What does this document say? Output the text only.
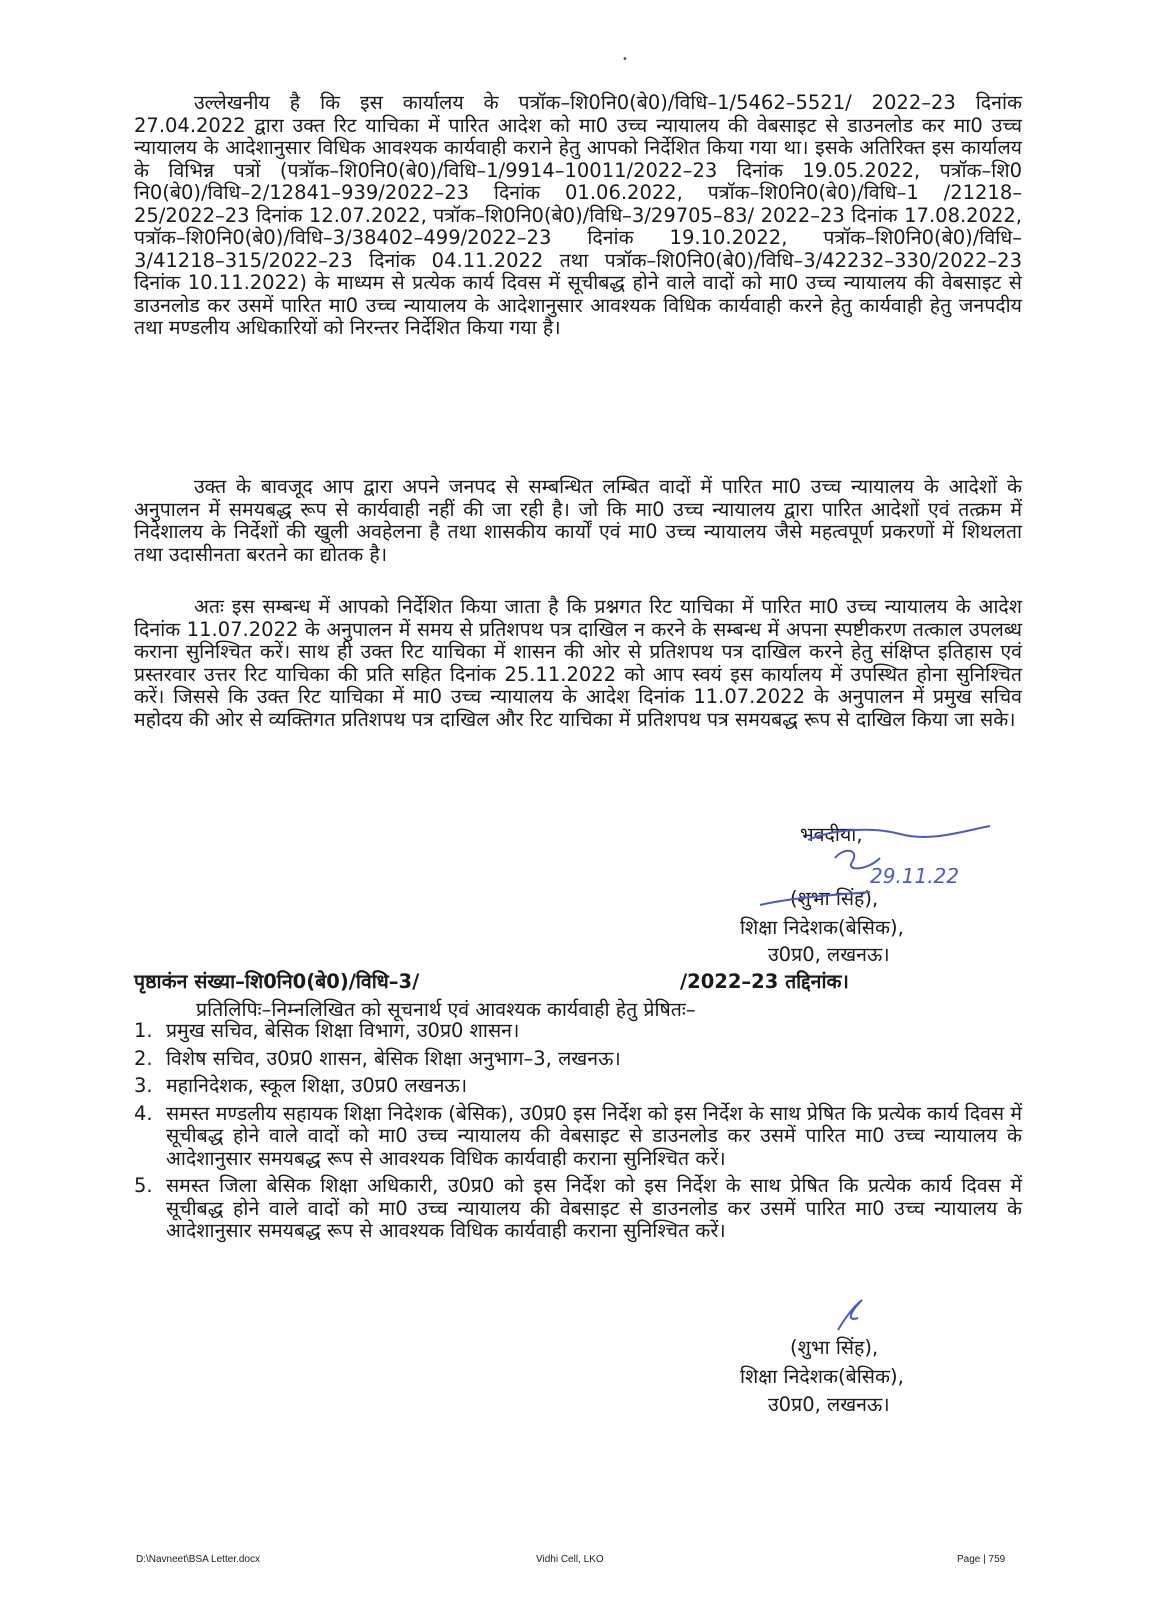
•

उल्लेखनीय है कि इस कार्यालय के पत्रॉक–शि0नि0(बे0)/विधि–1/5462–5521/ 2022–23 दिनांक 27.04.2022 द्वारा उक्त रिट याचिका में पारित आदेश को मा0 उच्च न्यायालय की वेबसाइट से डाउनलोड कर मा0 उच्च न्यायालय के आदेशानुसार विधिक आवश्यक कार्यवाही कराने हेतु आपको निर्देशित किया गया था। इसके अतिरिक्त इस कार्यालय के विभिन्न पत्रों (पत्रॉक–शि0नि0(बे0)/विधि–1/9914–10011/2022–23 दिनांक 19.05.2022, पत्रॉक–शि0 नि0(बे0)/विधि–2/12841–939/2022–23 दिनांक 01.06.2022, पत्रॉक–शि0नि0(बे0)/विधि–1 /21218–25/2022–23 दिनांक 12.07.2022, पत्रॉक–शि0नि0(बे0)/विधि–3/29705–83/ 2022–23 दिनांक 17.08.2022, पत्रॉक–शि0नि0(बे0)/विधि–3/38402–499/2022–23 दिनांक 19.10.2022, पत्रॉक–शि0नि0(बे0)/विधि–3/41218–315/2022–23 दिनांक 04.11.2022 तथा पत्रॉक–शि0नि0(बे0)/विधि–3/42232–330/2022–23 दिनांक 10.11.2022) के माध्यम से प्रत्येक कार्य दिवस में सूचीबद्ध होने वाले वादों को मा0 उच्च न्यायालय की वेबसाइट से डाउनलोड कर उसमें पारित मा0 उच्च न्यायालय के आदेशानुसार आवश्यक विधिक कार्यवाही करने हेतु कार्यवाही हेतु जनपदीय तथा मण्डलीय अधिकारियों को निरन्तर निर्देशित किया गया है।

उक्त के बावजूद आप द्वारा अपने जनपद से सम्बन्धित लम्बित वादों में पारित मा0 उच्च न्यायालय के आदेशों के अनुपालन में समयबद्ध रूप से कार्यवाही नहीं की जा रही है। जो कि मा0 उच्च न्यायालय द्वारा पारित आदेशों एवं तत्क्रम में निदेशालय के निर्देशों की खुली अवहेलना है तथा शासकीय कार्यों एवं मा0 उच्च न्यायालय जैसे महत्वपूर्ण प्रकरणों में शिथलता तथा उदासीनता बरतने का द्योतक है।

अतः इस सम्बन्ध में आपको निर्देशित किया जाता है कि प्रश्नगत रिट याचिका में पारित मा0 उच्च न्यायालय के आदेश दिनांक 11.07.2022 के अनुपालन में समय से प्रतिशपथ पत्र दाखिल न करने के सम्बन्ध में अपना स्पष्टीकरण तत्काल उपलब्ध कराना सुनिश्चित करें। साथ ही उक्त रिट याचिका में शासन की ओर से प्रतिशपथ पत्र दाखिल करने हेतु संक्षिप्त इतिहास एवं प्रस्तरवार उत्तर रिट याचिका की प्रति सहित दिनांक 25.11.2022 को आप स्वयं इस कार्यालय में उपस्थित होना सुनिश्चित करें। जिससे कि उक्त रिट याचिका में मा0 उच्च न्यायालय के आदेश दिनांक 11.07.2022 के अनुपालन में प्रमुख सचिव महोदय की ओर से व्यक्तिगत प्रतिशपथ पत्र दाखिल और रिट याचिका में प्रतिशपथ पत्र समयबद्ध रूप से दाखिल किया जा सके।

भवदीया,
(शुभा सिंह),
शिक्षा निदेशक(बेसिक),
उ0प्र0, लखनऊ।
29.11.22
पृष्ठाकंन संख्या–शि0नि0(बे0)/विधि–3/	/2022–23 तद्दिनांक।
प्रतिलिपिः–निम्नलिखित को सूचनार्थ एवं आवश्यक कार्यवाही हेतु प्रेषितः–
1. प्रमुख सचिव, बेसिक शिक्षा विभाग, उ0प्र0 शासन।
2. विशेष सचिव, उ0प्र0 शासन, बेसिक शिक्षा अनुभाग–3, लखनऊ।
3. महानिदेशक, स्कूल शिक्षा, उ0प्र0 लखनऊ।
4. समस्त मण्डलीय सहायक शिक्षा निदेशक (बेसिक), उ0प्र0 इस निर्देश को इस निर्देश के साथ प्रेषित कि प्रत्येक कार्य दिवस में सूचीबद्ध होने वाले वादों को मा0 उच्च न्यायालय की वेबसाइट से डाउनलोड कर उसमें पारित मा0 उच्च न्यायालय के आदेशानुसार समयबद्ध रूप से आवश्यक विधिक कार्यवाही कराना सुनिश्चित करें।
5. समस्त जिला बेसिक शिक्षा अधिकारी, उ0प्र0 को इस निर्देश को इस निर्देश के साथ प्रेषित कि प्रत्येक कार्य दिवस में सूचीबद्ध होने वाले वादों को मा0 उच्च न्यायालय की वेबसाइट से डाउनलोड कर उसमें पारित मा0 उच्च न्यायालय के आदेशानुसार समयबद्ध रूप से आवश्यक विधिक कार्यवाही कराना सुनिश्चित करें।
(शुभा सिंह),
शिक्षा निदेशक(बेसिक),
उ0प्र0, लखनऊ।
D:\Navneet\BSA Letter.docx	Vidhi Cell, LKO	Page | 759
